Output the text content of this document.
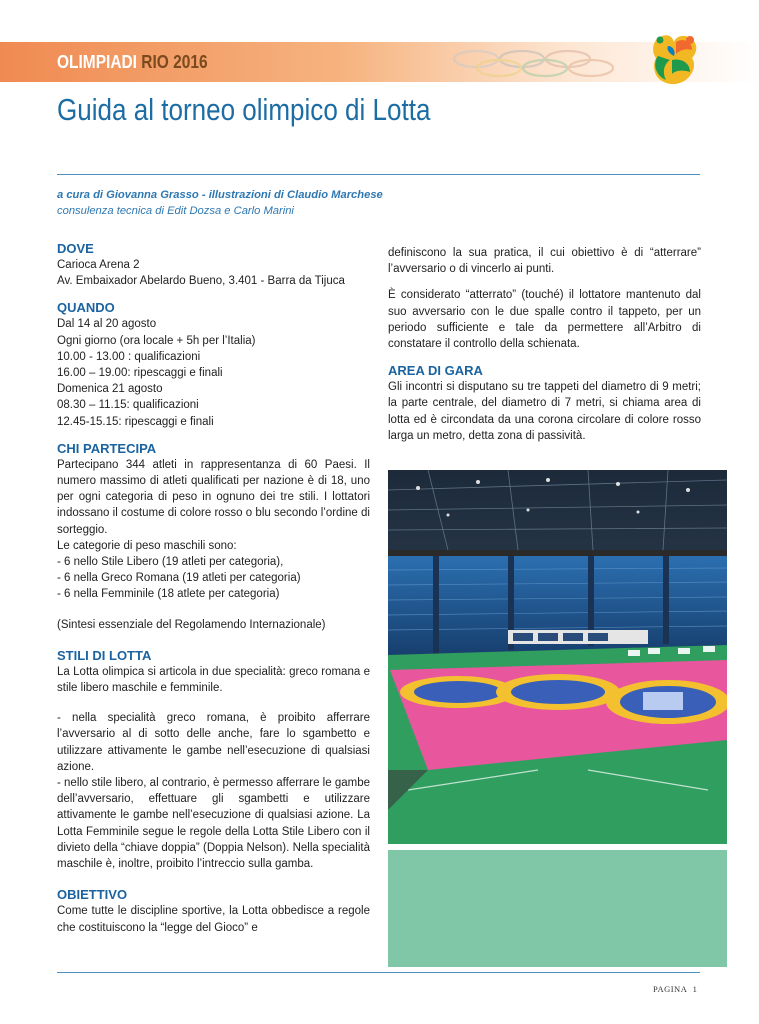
OLIMPIADI RIO 2016
Guida al torneo olimpico di Lotta
a cura di Giovanna Grasso - illustrazioni di Claudio Marchese
consulenza tecnica di Edit Dozsa e Carlo Marini
DOVE

Carioca Arena 2

Av. Embaixador Abelardo Bueno, 3.401 - Barra da Tijuca

QUANDO

Dal 14 al 20 agosto

Ogni giorno (ora locale + 5h per l’Italia)

10.00 - 13.00 : qualificazioni

16.00 – 19.00: ripescaggi e finali

Domenica 21 agosto

08.30 – 11.15: qualificazioni

12.45-15.15: ripescaggi e finali

CHI PARTECIPA

Partecipano 344 atleti in rappresentanza di 60 Paesi. Il numero massimo di atleti qualificati per nazione è di 18, uno per ogni categoria di peso in ognuno dei tre stili. I lottatori indossano il costume di colore rosso o blu secondo l’ordine di sorteggio.

Le categorie di peso maschili sono:

- 6 nello Stile Libero (19 atleti per categoria),

- 6 nella Greco Romana (19 atleti per categoria)

- 6 nella Femminile (18 atlete per categoria)

(Sintesi essenziale del Regolamendo Internazionale)

STILI DI LOTTA

La Lotta olimpica si articola in due specialità: greco romana e stile libero maschile e femminile.

- nella specialità greco romana, è proibito afferrare l’avversario al di sotto delle anche, fare lo sgambetto e utilizzare attivamente le gambe nell’esecuzione di qualsiasi azione.

- nello stile libero, al contrario, è permesso afferrare le gambe dell’avversario, effettuare gli sgambetti e utilizzare attivamente le gambe nell’esecuzione di qualsiasi azione. La Lotta Femminile segue le regole della Lotta Stile Libero con il divieto della “chiave doppia” (Doppia Nelson). Nella specialità maschile è, inoltre, proibito l’intreccio sulla gamba.

OBIETTIVO

Come tutte le discipline sportive, la Lotta obbedisce a regole che costituiscono la “legge del Gioco” e

definiscono la sua pratica, il cui obiettivo è di “atterrare” l’avversario o di vincerlo ai punti.

È considerato “atterrato” (touché) il lottatore mantenuto dal suo avversario con le due spalle contro il tappeto, per un periodo sufficiente e tale da permettere all’Arbitro di constatare il controllo della schienata.

AREA DI GARA

Gli incontri si disputano su tre tappeti del diametro di 9 metri; la parte centrale, del diametro di 7 metri, si chiama area di lotta ed è circondata da una corona circolare di colore rosso larga un metro, detta zona di passività.

PAGINA 1
